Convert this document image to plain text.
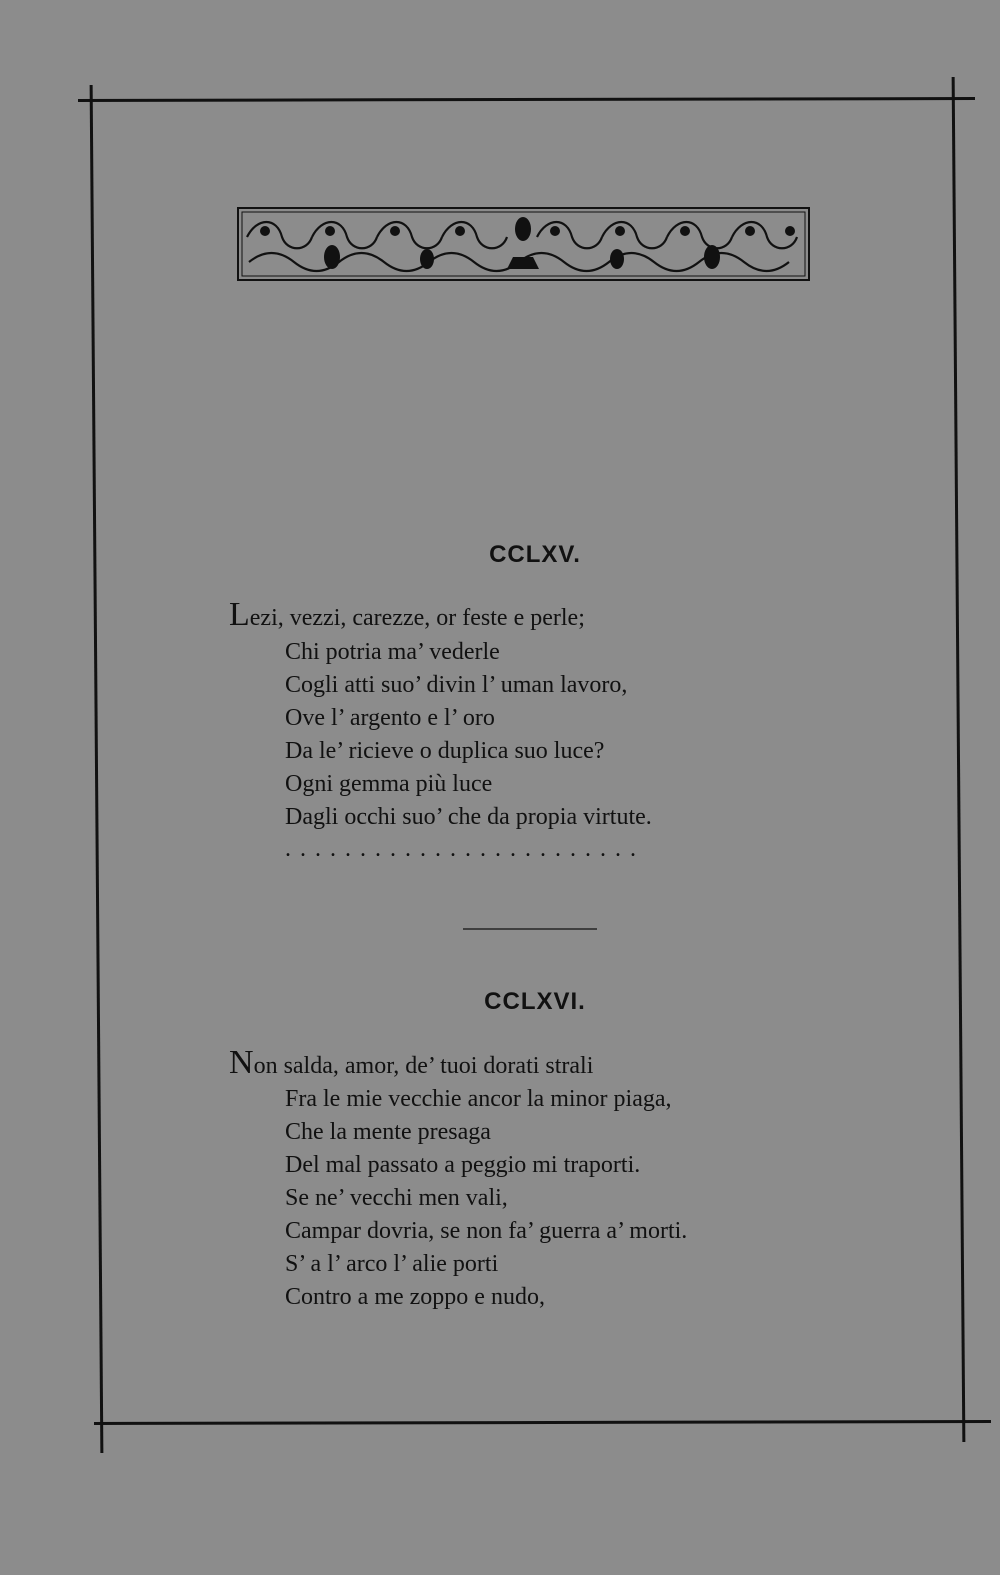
CCLXV.
Lezi, vezzi, carezze, or feste e perle;
Chi potria ma’ vederle
Cogli atti suo’ divin l’ uman lavoro,
Ove l’ argento e l’ oro
Da le’ ricieve o duplica suo luce?
Ogni gemma più luce
Dagli occhi suo’ che da propia virtute.
........................
CCLXVI.
Non salda, amor, de’ tuoi dorati strali
Fra le mie vecchie ancor la minor piaga,
Che la mente presaga
Del mal passato a peggio mi traporti.
Se ne’ vecchi men vali,
Campar dovria, se non fa’ guerra a’ morti.
S’ a l’ arco l’ alie porti
Contro a me zoppo e nudo,
